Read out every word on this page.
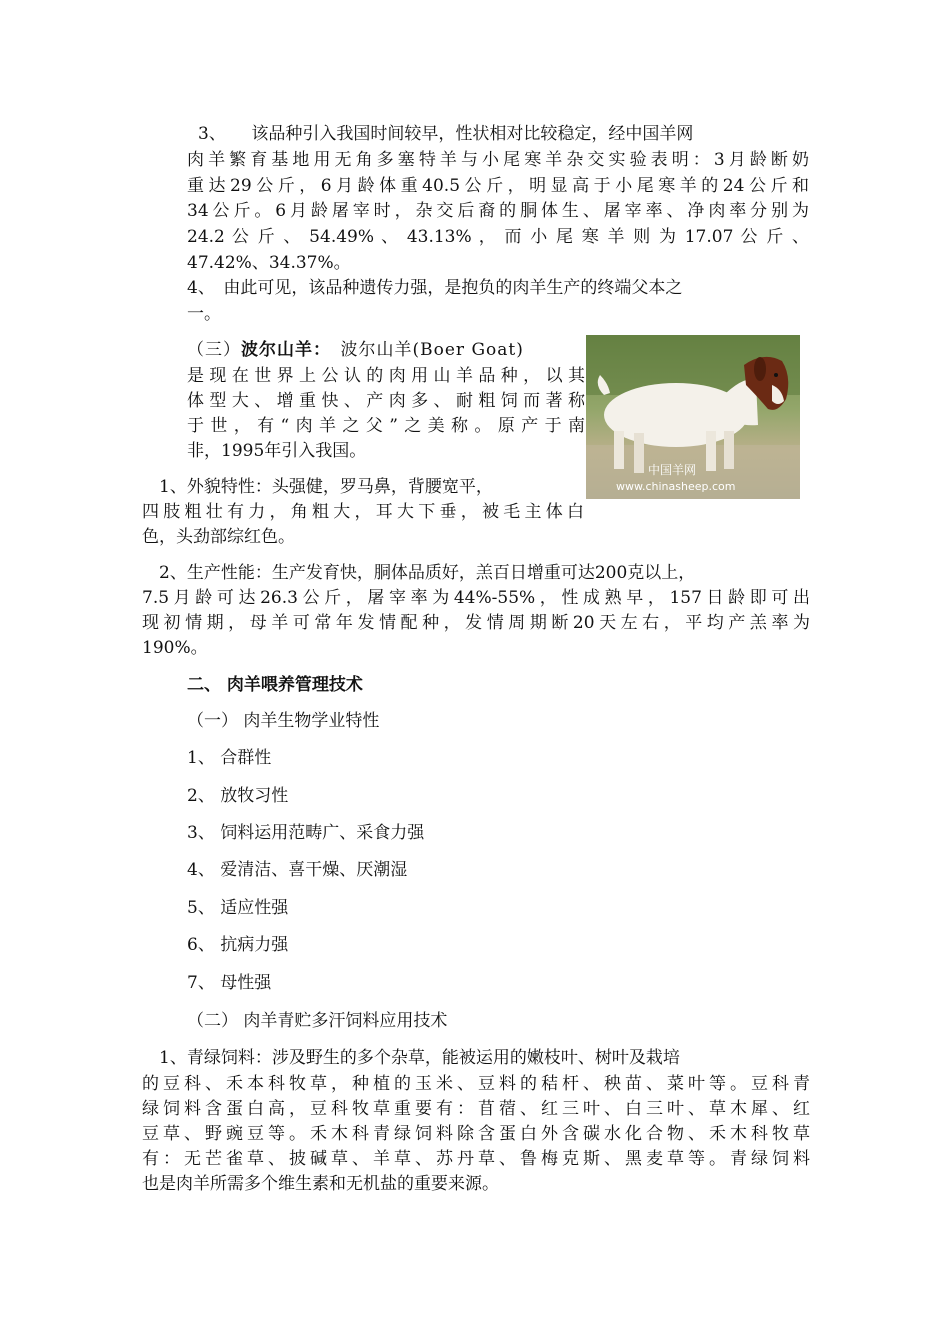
3、　　该品种引入我国时间较早，性状相对比较稳定，经中国羊网
肉羊繁育基地用无角多塞特羊与小尾寒羊杂交实验表明：3月龄断奶
重达29公斤，6月龄体重40.5公斤，明显高于小尾寒羊的24公斤和
34公斤。6月龄屠宰时，杂交后裔的胴体生、屠宰率、净肉率分别为
24.2 公 斤 、 54.49% 、 43.13% ， 而 小 尾 寒 羊 则 为 17.07 公 斤 、
47.42%、34.37%。
4、　由此可见，该品种遗传力强，是抱负的肉羊生产的终端父本之
一。
（三）波尔山羊：　波尔山羊(Boer Goat)
是现在世界上公认的肉用山羊品种，以其
体型大、增重快、产肉多、耐粗饲而著称
于世，有“肉羊之父”之美称。原产于南
非，1995年引入我国。
　1、外貌特性：头强健，罗马鼻，背腰宽平，
四肢粗壮有力，角粗大，耳大下垂，被毛主体白
色，头劲部综红色。
中国羊网
www.chinasheep.com
　2、生产性能：生产发育快，胴体品质好，羔百日增重可达200克以上，
7.5月龄可达26.3公斤，屠宰率为44%-55%，性成熟早，157日龄即可出
现初情期，母羊可常年发情配种，发情周期断20天左右，平均产羔率为
190%。
二、 肉羊喂养管理技术
（一） 肉羊生物学业特性
1、 合群性
2、 放牧习性
3、 饲料运用范畴广、采食力强
4、 爱清洁、喜干燥、厌潮湿
5、 适应性强
6、 抗病力强
7、 母性强
（二） 肉羊青贮多汗饲料应用技术
　1、青绿饲料：涉及野生的多个杂草，能被运用的嫩枝叶、树叶及栽培
的豆科、禾本科牧草，种植的玉米、豆料的秸杆、秧苗、菜叶等。豆科青
绿饲料含蛋白高，豆科牧草重要有：苜蓿、红三叶、白三叶、草木犀、红
豆草、野豌豆等。禾木科青绿饲料除含蛋白外含碳水化合物、禾木科牧草
有：无芒雀草、披碱草、羊草、苏丹草、鲁梅克斯、黑麦草等。青绿饲料
也是肉羊所需多个维生素和无机盐的重要来源。
